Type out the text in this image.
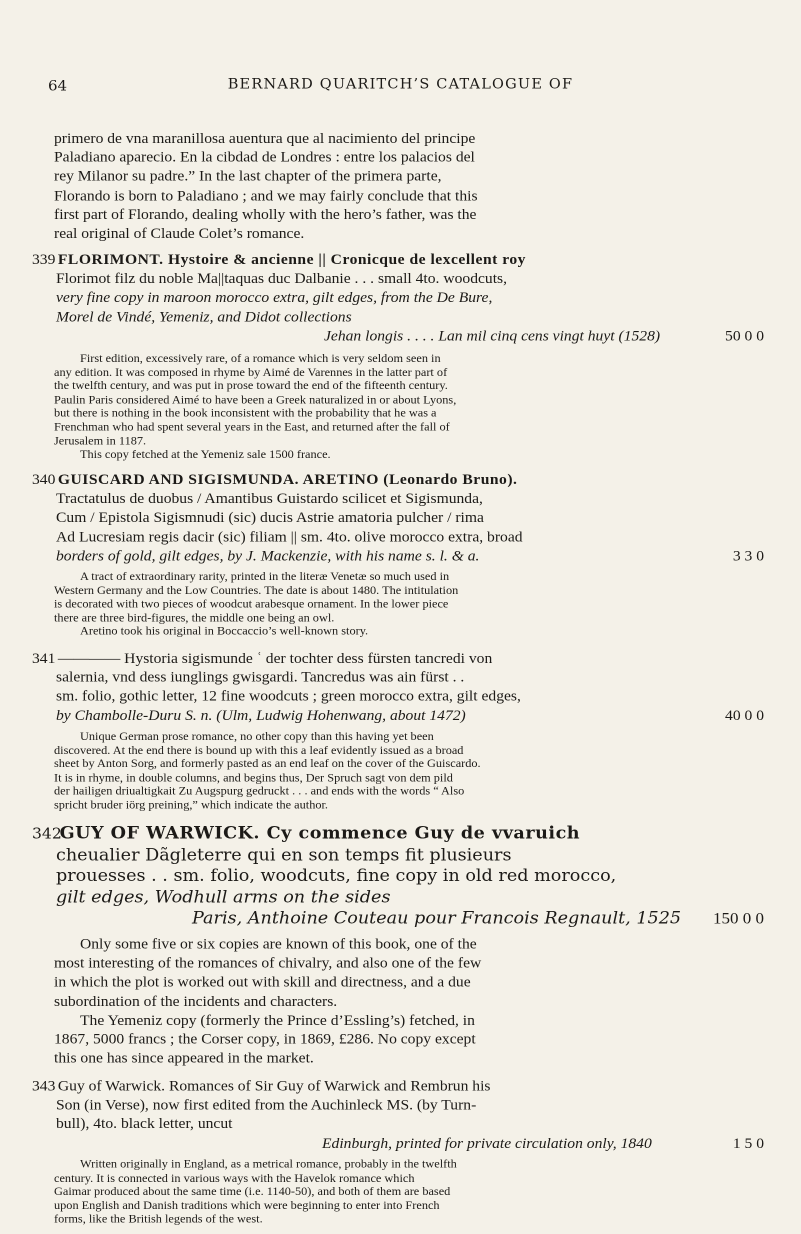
64	BERNARD QUARITCH’S CATALOGUE OF
primero de vna maranillosa auentura que al nacimiento del principe
Paladiano aparecio. En la cibdad de Londres : entre los palacios del
rey Milanor su padre.” In the last chapter of the primera parte,
Florando is born to Paladiano ; and we may fairly conclude that this
first part of Florando, dealing wholly with the hero’s father, was the
real original of Claude Colet’s romance.
339 FLORIMONT. Hystoire & ancienne || Cronicque de lexcellent roy
Florimot filz du noble Ma||taquas duc Dalbanie . . . small 4to. woodcuts,
very fine copy in maroon morocco extra, gilt edges, from the De Bure,
Morel de Vindé, Yemeniz, and Didot collections
Jehan longis . . . . Lan mil cinq cens vingt huyt (1528)	50 0 0
First edition, excessively rare, of a romance which is very seldom seen in
any edition. It was composed in rhyme by Aimé de Varennes in the latter part of
the twelfth century, and was put in prose toward the end of the fifteenth century.
Paulin Paris considered Aimé to have been a Greek naturalized in or about Lyons,
but there is nothing in the book inconsistent with the probability that he was a
Frenchman who had spent several years in the East, and returned after the fall of
Jerusalem in 1187.
This copy fetched at the Yemeniz sale 1500 france.
340 GUISCARD AND SIGISMUNDA. ARETINO (Leonardo Bruno).
Tractatulus de duobus / Amantibus Guistardo scilicet et Sigismunda,
Cum / Epistola Sigismnudi (sic) ducis Astrie amatoria pulcher / rima
Ad Lucresiam regis dacir (sic) filiam || sm. 4to. olive morocco extra, broad
borders of gold, gilt edges, by J. Mackenzie, with his name s. l. & a.	3 3 0
A tract of extraordinary rarity, printed in the literæ Venetæ so much used in
Western Germany and the Low Countries. The date is about 1480. The intitulation
is decorated with two pieces of woodcut arabesque ornament. In the lower piece
there are three bird-figures, the middle one being an owl.
Aretino took his original in Boccaccio’s well-known story.
341 ———— Hystoria sigismunde ʿ der tochter dess fürsten tancredi von
salernia, vnd dess iunglings gwisgardi. Tancredus was ain fürst . .
sm. folio, gothic letter, 12 fine woodcuts ; green morocco extra, gilt edges,
by Chambolle-Duru S. n. (Ulm, Ludwig Hohenwang, about 1472)	40 0 0
Unique German prose romance, no other copy than this having yet been
discovered. At the end there is bound up with this a leaf evidently issued as a broad
sheet by Anton Sorg, and formerly pasted as an end leaf on the cover of the Guiscardo.
It is in rhyme, in double columns, and begins thus, Der Spruch sagt von dem pild
der hailigen driualtigkait Zu Augspurg gedruckt . . . and ends with the words “ Also
spricht bruder iörg preining,” which indicate the author.
342 GUY OF WARWICK. Cy commence Guy de vvaruich
cheualier Dãgleterre qui en son temps fit plusieurs
prouesses . . sm. folio, woodcuts, fine copy in old red morocco,
gilt edges, Wodhull arms on the sides
Paris, Anthoine Couteau pour Francois Regnault, 1525	150 0 0
Only some five or six copies are known of this book, one of the
most interesting of the romances of chivalry, and also one of the few
in which the plot is worked out with skill and directness, and a due
subordination of the incidents and characters.
The Yemeniz copy (formerly the Prince d’Essling’s) fetched, in
1867, 5000 francs ; the Corser copy, in 1869, £286. No copy except
this one has since appeared in the market.
343 Guy of Warwick. Romances of Sir Guy of Warwick and Rembrun his
Son (in Verse), now first edited from the Auchinleck MS. (by Turn-
bull), 4to. black letter, uncut
Edinburgh, printed for private circulation only, 1840	1 5 0
Written originally in England, as a metrical romance, probably in the twelfth
century. It is connected in various ways with the Havelok romance which
Gaimar produced about the same time (i.e. 1140-50), and both of them are based
upon English and Danish traditions which were beginning to enter into French
forms, like the British legends of the west.
